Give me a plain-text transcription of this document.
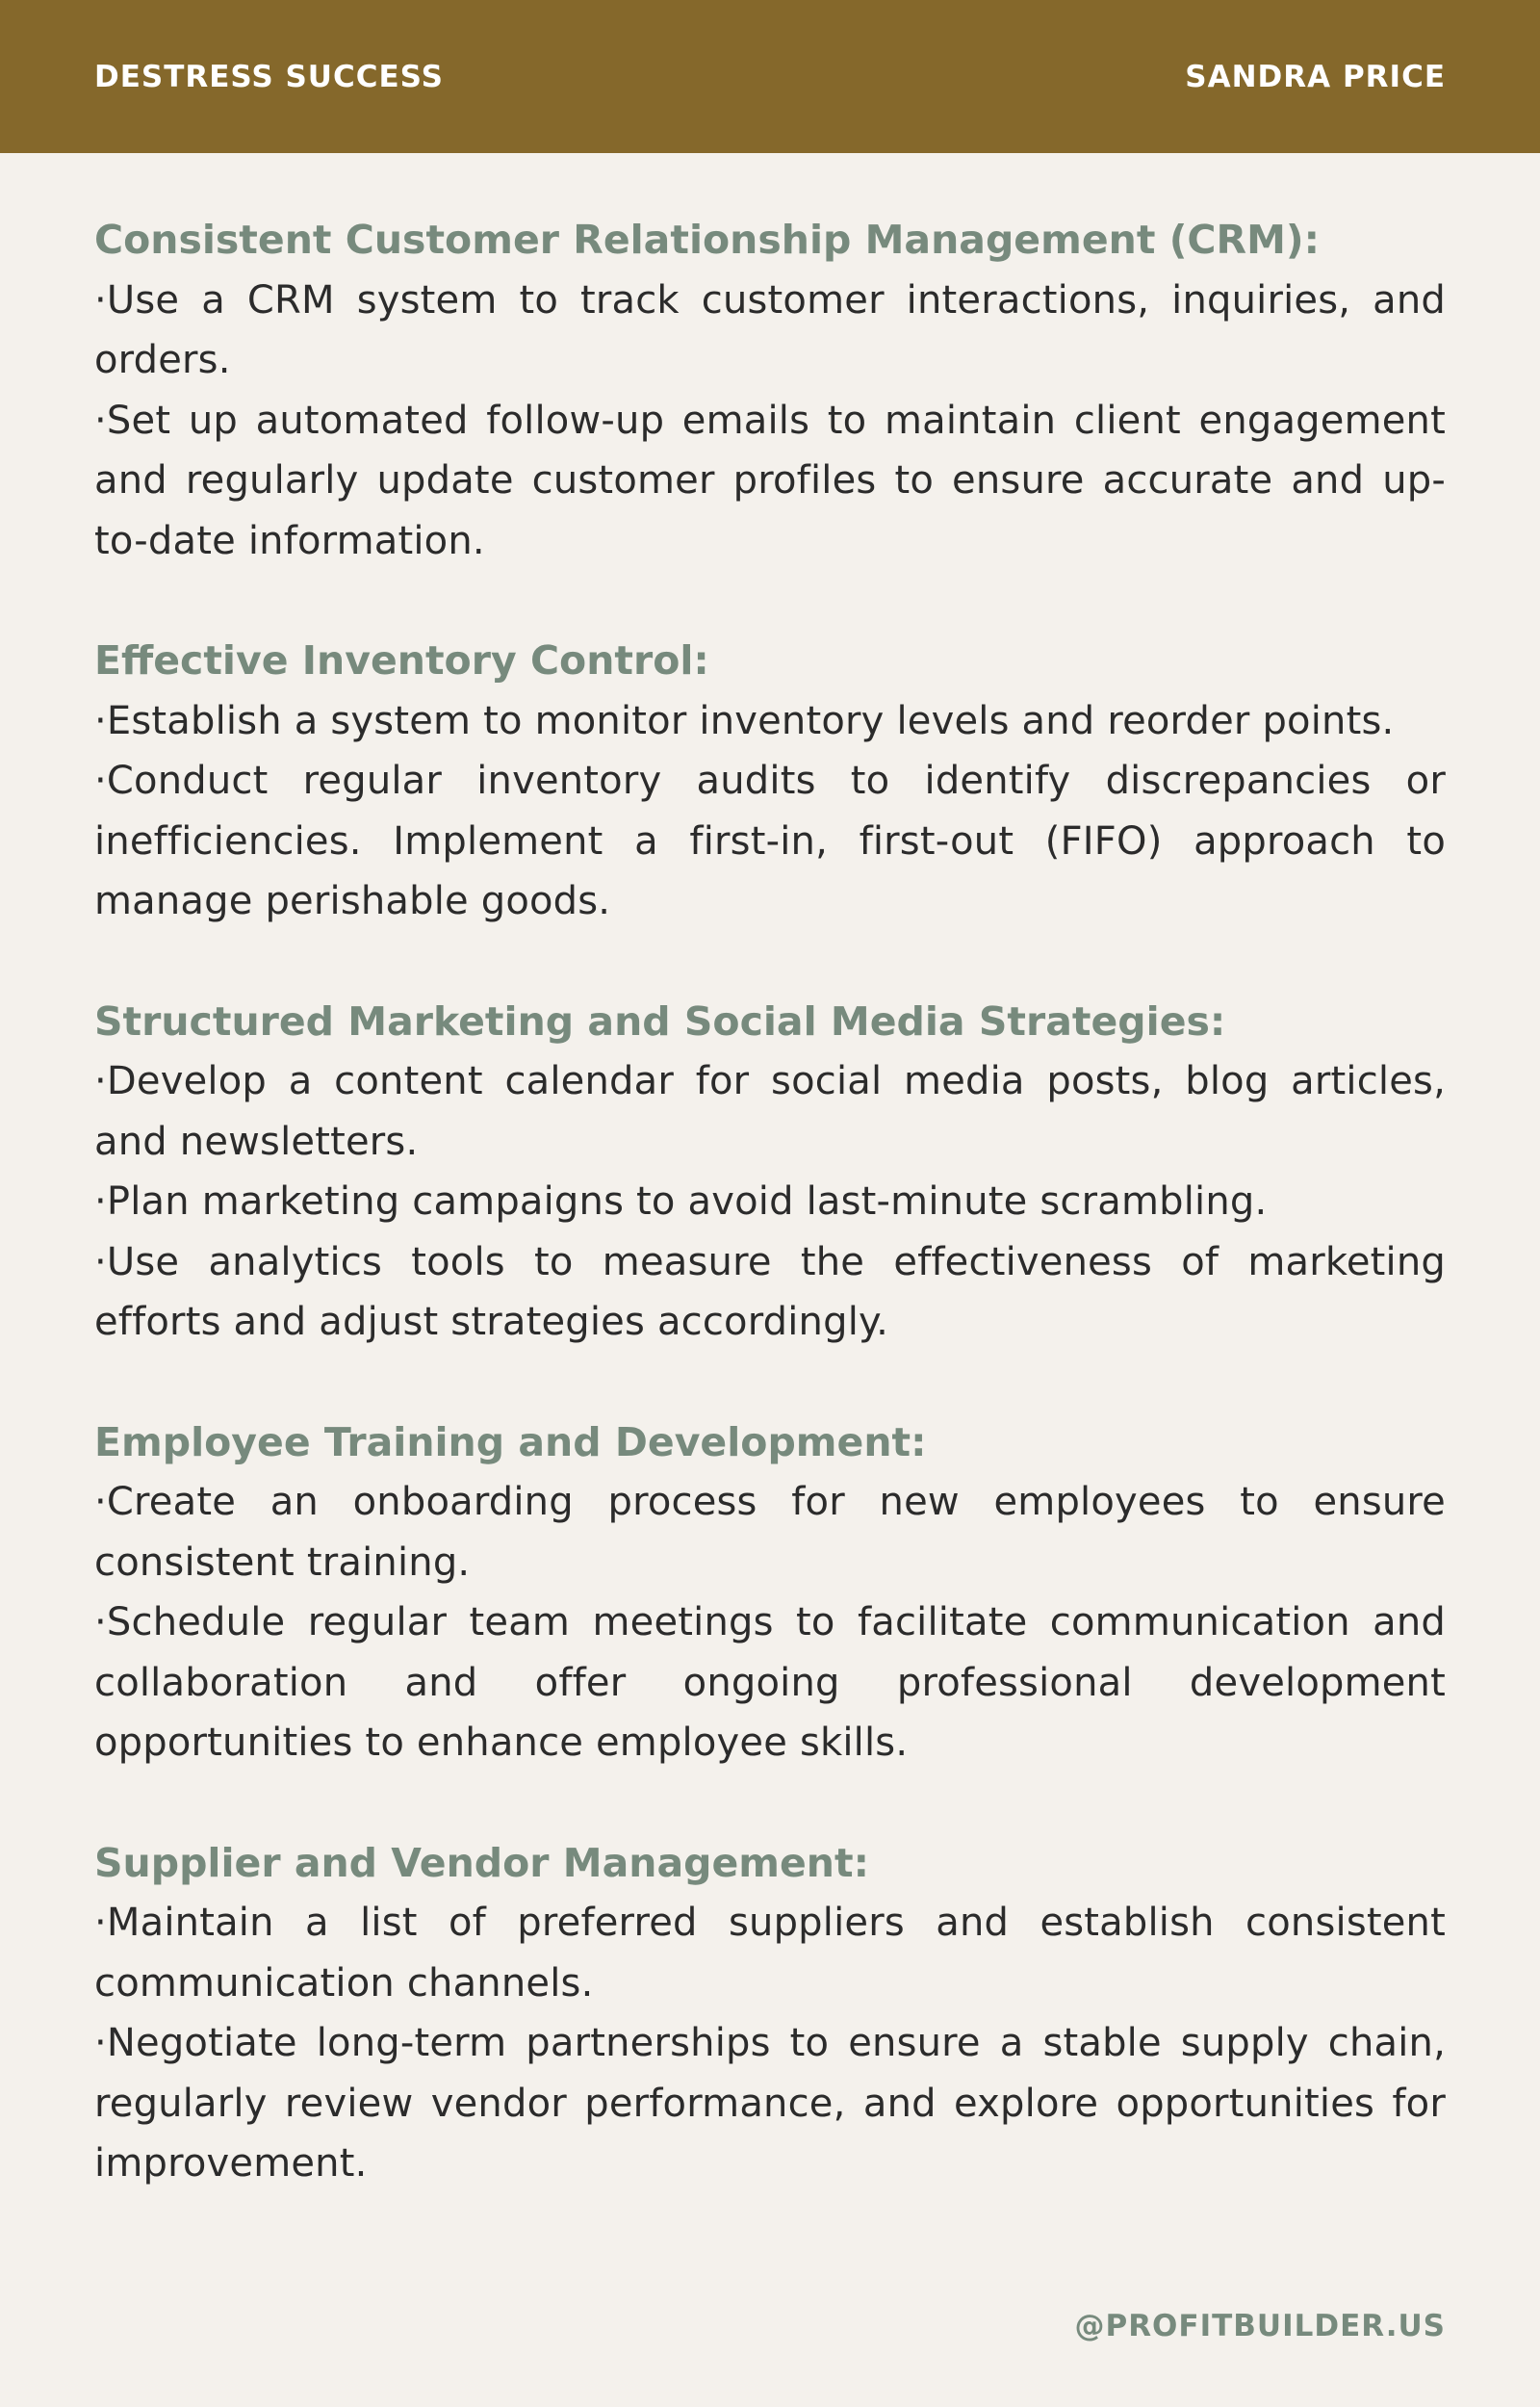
DESTRESS SUCCESS	SANDRA PRICE
Consistent Customer Relationship Management (CRM):

·Use a CRM system to track customer interactions, inquiries, and orders.

·Set up automated follow-up emails to maintain client engagement and regularly update customer profiles to ensure accurate and up-to-date information.

Effective Inventory Control:

·Establish a system to monitor inventory levels and reorder points.

·Conduct regular inventory audits to identify discrepancies or inefficiencies. Implement a first-in, first-out (FIFO) approach to manage perishable goods.

Structured Marketing and Social Media Strategies:

·Develop a content calendar for social media posts, blog articles, and newsletters.

·Plan marketing campaigns to avoid last-minute scrambling.

·Use analytics tools to measure the effectiveness of marketing efforts and adjust strategies accordingly.

Employee Training and Development:

·Create an onboarding process for new employees to ensure consistent training.

·Schedule regular team meetings to facilitate communication and collaboration and offer ongoing professional development opportunities to enhance employee skills.

Supplier and Vendor Management:

·Maintain a list of preferred suppliers and establish consistent communication channels.

·Negotiate long-term partnerships to ensure a stable supply chain, regularly review vendor performance, and explore opportunities for improvement.

@PROFITBUILDER.US
